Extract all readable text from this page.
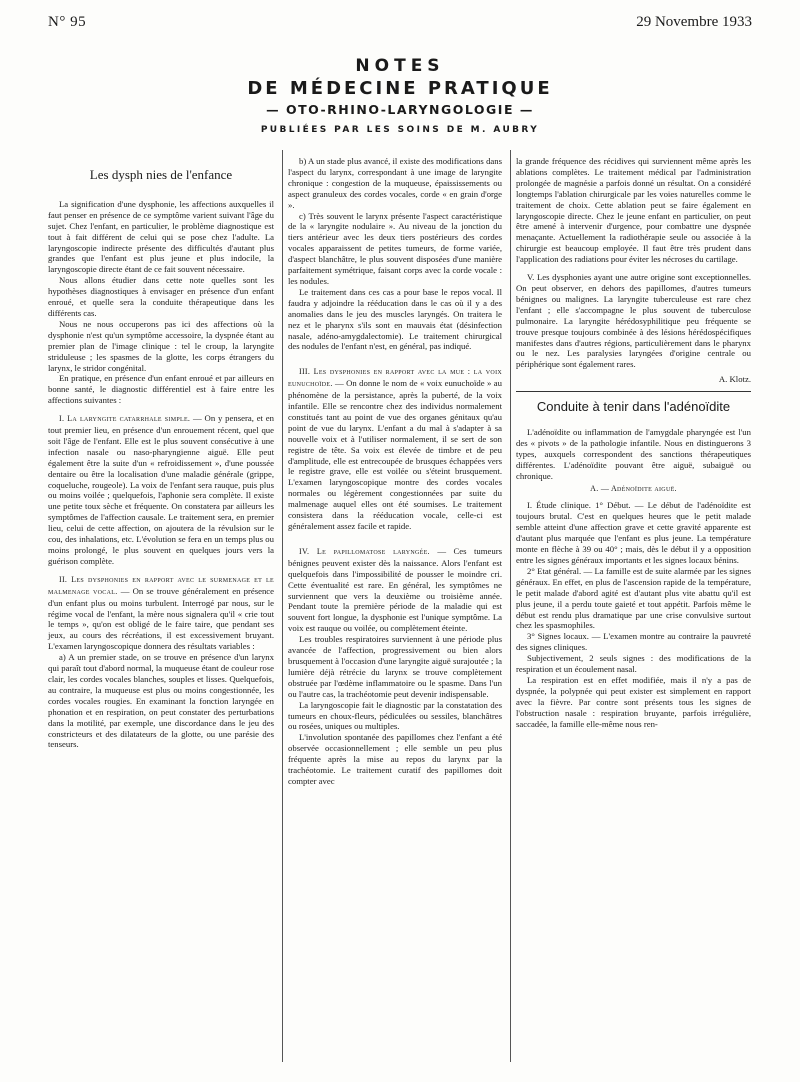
N° 95	29 Novembre 1933
NOTES
DE MÉDECINE PRATIQUE
— OTO-RHINO-LARYNGOLOGIE —
PUBLIÉES PAR LES SOINS DE M. AUBRY
Les dysph nies de l'enfance

La signification d'une dysphonie, les affections auxquelles il faut penser en présence de ce symptôme varient suivant l'âge du sujet. Chez l'enfant, en particulier, le problème diagnostique est tout à fait différent de celui qui se pose chez l'adulte. La laryngoscopie indirecte présente des difficultés d'autant plus grandes que l'enfant est plus jeune et plus indocile, la laryngoscopie directe étant de ce fait souvent nécessaire.

Nous allons étudier dans cette note quelles sont les hypothèses diagnostiques à envisager en présence d'un enfant enroué, et quelle sera la conduite thérapeutique dans les différents cas.

Nous ne nous occuperons pas ici des affections où la dysphonie n'est qu'un symptôme accessoire, la dyspnée étant au premier plan de l'image clinique : tel le croup, la laryngite striduleuse ; les spasmes de la glotte, les corps étrangers du larynx, le stridor congénital.

En pratique, en présence d'un enfant enroué et par ailleurs en bonne santé, le diagnostic différentiel est à faire entre les affections suivantes :

I. La laryngite catarrhale simple. — On y pensera, et en tout premier lieu, en présence d'un enrouement récent, quel que soit l'âge de l'enfant. Elle est le plus souvent consécutive à une infection nasale ou naso-pharyngienne aiguë. Elle peut également être la suite d'un « refroidissement », d'une poussée dentaire ou être la localisation d'une maladie générale (grippe, coqueluche, rougeole). La voix de l'enfant sera rauque, puis plus ou moins voilée ; quelquefois, l'aphonie sera complète. Il existe une petite toux sèche et fréquente. On constatera par ailleurs les symptômes de l'affection causale. Le traitement sera, en premier lieu, celui de cette affection, on ajoutera de la révulsion sur le cou, des inhalations, etc. L'évolution se fera en un temps plus ou moins prolongé, le plus souvent en quelques jours vers la guérison complète.

II. Les dysphonies en rapport avec le surmenage et le malmenage vocal. — On se trouve généralement en présence d'un enfant plus ou moins turbulent. Interrogé par nous, sur le régime vocal de l'enfant, la mère nous signalera qu'il « crie tout le temps », qu'on est obligé de le faire taire, que pendant ses jeux, au cours des récréations, il est excessivement bruyant. L'examen laryngoscopique donnera des résultats variables :

a) A un premier stade, on se trouve en présence d'un larynx qui paraît tout d'abord normal, la muqueuse étant de couleur rose clair, les cordes vocales blanches, souples et lisses. Quelquefois, au contraire, la muqueuse est plus ou moins congestionnée, les cordes vocales rougies. En examinant la fonction laryngée en phonation et en respiration, on peut constater des perturbations dans la motilité, par exemple, une discordance dans le jeu des constricteurs et des dilatateurs de la glotte, ou une parésie des tenseurs.

b) A un stade plus avancé, il existe des modifications dans l'aspect du larynx, correspondant à une image de laryngite chronique : congestion de la muqueuse, épaississements ou aspect granuleux des cordes vocales, corde « en grain d'orge ».

c) Très souvent le larynx présente l'aspect caractéristique de la « laryngite nodulaire ». Au niveau de la jonction du tiers antérieur avec les deux tiers postérieurs des cordes vocales apparaissent de petites tumeurs, de forme variée, d'aspect blanchâtre, le plus souvent disposées d'une manière parfaitement symétrique, faisant corps avec la corde vocale : les nodules.

Le traitement dans ces cas a pour base le repos vocal. Il faudra y adjoindre la rééducation dans le cas où il y a des anomalies dans le jeu des muscles laryngés. On traitera le nez et le pharynx s'ils sont en mauvais état (désinfection nasale, adéno-amygdalectomie). Le traitement chirurgical des nodules de l'enfant n'est, en général, pas indiqué.

III. Les dysphonies en rapport avec la mue : la voix eunuchoïde. — On donne le nom de « voix eunuchoïde » au phénomène de la persistance, après la puberté, de la voix infantile. Elle se rencontre chez des individus normalement constitués tant au point de vue des organes génitaux qu'au point de vue du larynx. L'enfant a du mal à s'adapter à sa nouvelle voix et à l'utiliser normalement, il se sert de son registre de tête. Sa voix est élevée de timbre et de peu d'amplitude, elle est entrecoupée de brusques échappées vers le registre grave, elle est voilée ou s'éteint brusquement. L'examen laryngoscopique montre des cordes vocales normales ou légèrement congestionnées par suite du malmenage auquel elles ont été soumises. Le traitement consistera dans la rééducation vocale, celle-ci est généralement assez facile et rapide.

IV. Le papillomatose laryngée. — Ces tumeurs bénignes peuvent exister dès la naissance. Alors l'enfant est quelquefois dans l'impossibilité de pousser le moindre cri. Cette éventualité est rare. En général, les symptômes ne surviennent que vers la deuxième ou troisième année. Pendant toute la première période de la maladie qui est souvent fort longue, la dysphonie est l'unique symptôme. La voix est rauque ou voilée, ou complètement éteinte.

Les troubles respiratoires surviennent à une période plus avancée de l'affection, progressivement ou bien alors brusquement à l'occasion d'une laryngite aiguë surajoutée ; la lumière déjà rétrécie du larynx se trouve complètement obstruée par l'œdème inflammatoire ou le spasme. Dans l'un ou l'autre cas, la trachéotomie peut devenir indispensable.

La laryngoscopie fait le diagnostic par la constatation des tumeurs en choux-fleurs, pédiculées ou sessiles, blanchâtres ou rosées, uniques ou multiples.

L'involution spontanée des papillomes chez l'enfant a été observée occasionnellement ; elle semble un peu plus fréquente après la mise au repos du larynx par la trachéotomie. Le traitement curatif des papillomes doit compter avec

la grande fréquence des récidives qui surviennent même après les ablations complètes. Le traitement médical par l'administration prolongée de magnésie a parfois donné un résultat. On a considéré longtemps l'ablation chirurgicale par les voies naturelles comme le traitement de choix. Cette ablation peut se faire également en laryngoscopie directe. Chez le jeune enfant en particulier, on peut être amené à intervenir d'urgence, pour combattre une dyspnée menaçante. Actuellement la radiothérapie seule ou associée à la chirurgie est beaucoup employée. Il faut être très prudent dans l'application des radiations pour éviter les nécroses du cartilage.

V. Les dysphonies ayant une autre origine sont exceptionnelles. On peut observer, en dehors des papillomes, d'autres tumeurs bénignes ou malignes. La laryngite tuberculeuse est rare chez l'enfant ; elle s'accompagne le plus souvent de tuberculose pulmonaire. La laryngite hérédosyphilitique peu fréquente se trouve presque toujours combinée à des lésions hérédospécifiques manifestes dans d'autres régions, particulièrement dans le pharynx ou le nez. Les paralysies laryngées d'origine centrale ou périphérique sont également rares.

A. Klotz.
Conduite à tenir dans l'adénoïdite

L'adénoïdite ou inflammation de l'amygdale pharyngée est l'un des « pivots » de la pathologie infantile. Nous en distinguerons 3 types, auxquels correspondent des sanctions thérapeutiques différentes. L'adénoïdite pouvant être aiguë, subaiguë ou chronique.

A. — Adénoïdite aiguë.

I. Étude clinique. 1° Début. — Le début de l'adénoïdite est toujours brutal. C'est en quelques heures que le petit malade semble atteint d'une affection grave et cette gravité apparente est d'autant plus marquée que l'enfant es plus jeune. La température monte en flèche à 39 ou 40° ; mais, dès le début il y a opposition entre les signes généraux importants et les signes locaux bénins.

2° Etat général. — La famille est de suite alarmée par les signes généraux. En effet, en plus de l'ascension rapide de la température, le petit malade d'abord agité est d'autant plus vite abattu qu'il est plus jeune, il a perdu toute gaieté et tout appétit. Parfois même le début est rendu plus dramatique par une crise convulsive surtout chez les spasmophiles.

3° Signes locaux. — L'examen montre au contraire la pauvreté des signes cliniques.

Subjectivement, 2 seuls signes : des modifications de la respiration et un écoulement nasal.

La respiration est en effet modifiée, mais il n'y a pas de dyspnée, la polypnée qui peut exister est simplement en rapport avec la fièvre. Par contre sont présents tous les signes de l'obstruction nasale : respiration bruyante, parfois irrégulière, saccadée, la famille elle-même nous ren-
